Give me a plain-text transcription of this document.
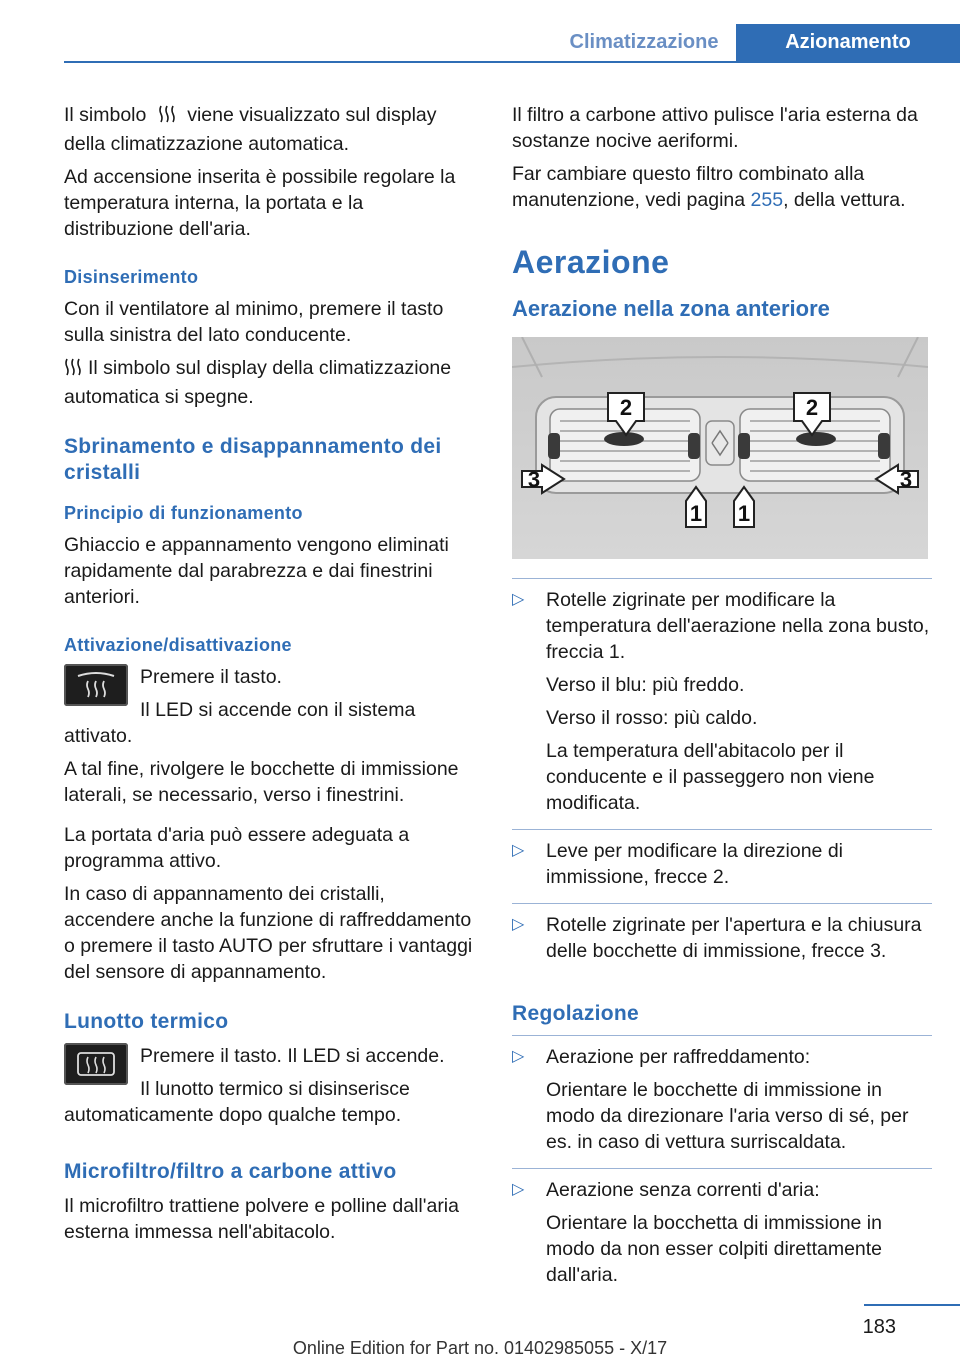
Climatizzazione	Azionamento

Il simbolo viene visualizzato sul display della climatizzazione automatica.

Ad accensione inserita è possibile regolare la temperatura interna, la portata e la distribuzione dell'aria.

Disinserimento

Con il ventilatore al minimo, premere il tasto sulla sinistra del lato conducente.

Il simbolo sul display della climatizzazione automatica si spegne.

Sbrinamento e disappannamento dei cristalli
Principio di funzionamento

Ghiaccio e appannamento vengono eliminati rapidamente dal parabrezza e dai finestrini anteriori.

Attivazione/disattivazione

Premere il tasto.

Il LED si accende con il sistema attivato.

A tal fine, rivolgere le bocchette di immissione laterali, se necessario, verso i finestrini.

La portata d'aria può essere adeguata a programma attivo.

In caso di appannamento dei cristalli, accendere anche la funzione di raffreddamento o premere il tasto AUTO per sfruttare i vantaggi del sensore di appannamento.

Lunotto termico

Premere il tasto. Il LED si accende.

Il lunotto termico si disinserisce automaticamente dopo qualche tempo.

Microfiltro/filtro a carbone attivo

Il microfiltro trattiene polvere e polline dall'aria esterna immessa nell'abitacolo.

Il filtro a carbone attivo pulisce l'aria esterna da sostanze nocive aeriformi.

Far cambiare questo filtro combinato alla manutenzione, vedi pagina 255, della vettura.

Aerazione
Aerazione nella zona anteriore
2	2
3
1 1
3

▷ Rotelle zigrinate per modificare la temperatura dell'aerazione nella zona busto, freccia 1.

Verso il blu: più freddo.

Verso il rosso: più caldo.

La temperatura dell'abitacolo per il conducente e il passeggero non viene modificata.

▷ Leve per modificare la direzione di immissione, frecce 2.

▷ Rotelle zigrinate per l'apertura e la chiusura delle bocchette di immissione, frecce 3.

Regolazione

▷ Aerazione per raffreddamento:

Orientare le bocchette di immissione in modo da direzionare l'aria verso di sé, per es. in caso di vettura surriscaldata.

▷ Aerazione senza correnti d'aria:

Orientare la bocchetta di immissione in modo da non esser colpiti direttamente dall'aria.

183
Online Edition for Part no. 01402985055 - X/17
